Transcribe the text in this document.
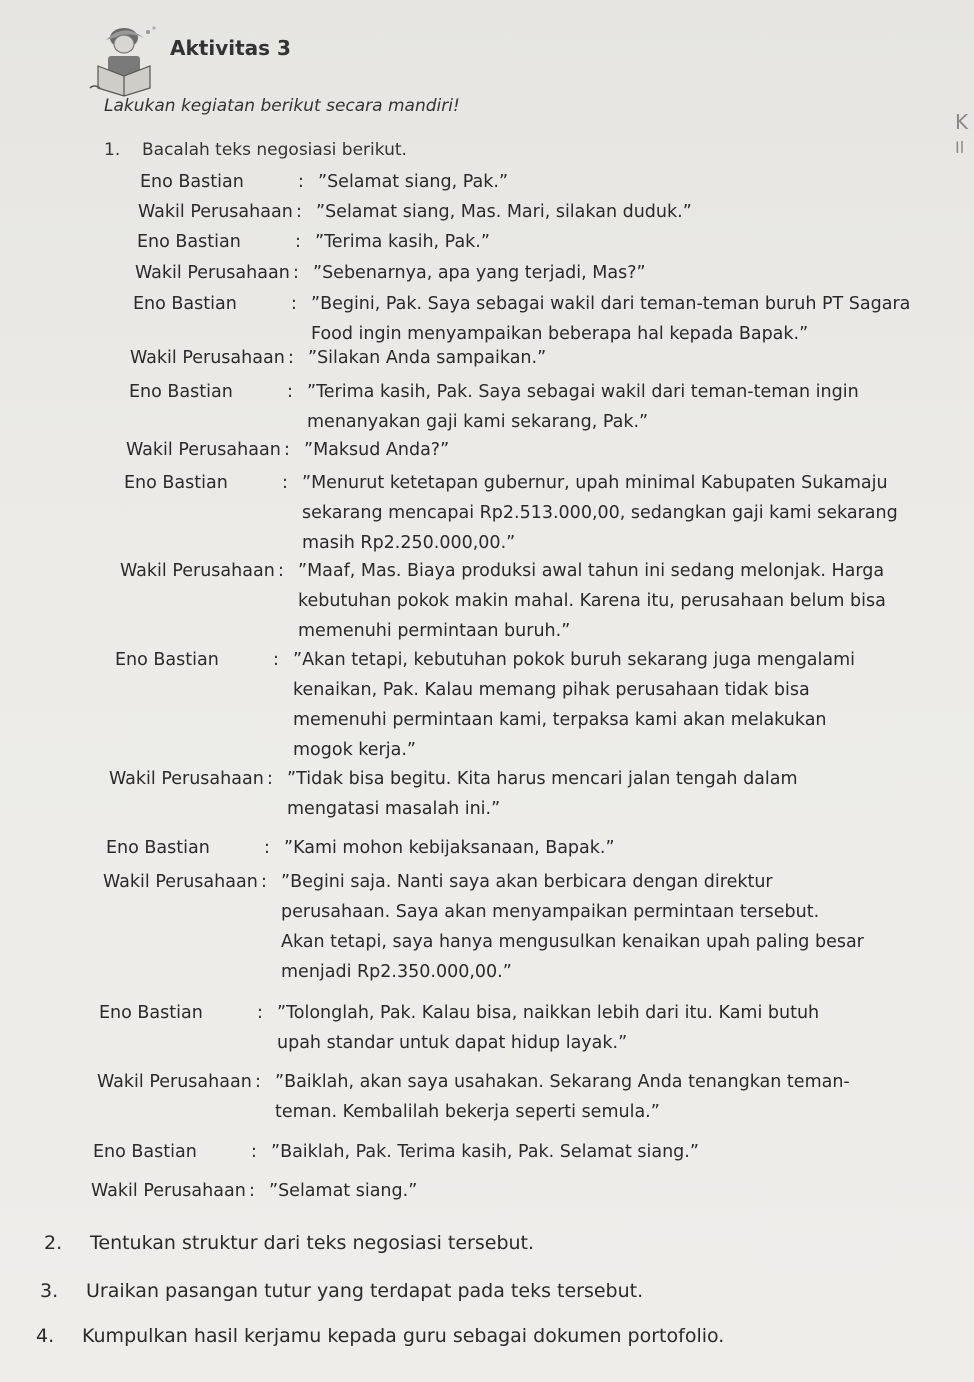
Aktivitas 3
Lakukan kegiatan berikut secara mandiri!
K
Il
1. Bacalah teks negosiasi berikut.
Eno Bastian	: ”Selamat siang, Pak.”
Wakil Perusahaan : ”Selamat siang, Mas. Mari, silakan duduk.”
Eno Bastian	: ”Terima kasih, Pak.”
Wakil Perusahaan : ”Sebenarnya, apa yang terjadi, Mas?”
Eno Bastian	: ”Begini, Pak. Saya sebagai wakil dari teman-teman buruh PT Sagara
Food ingin menyampaikan beberapa hal kepada Bapak.”
Wakil Perusahaan : ”Silakan Anda sampaikan.”
Eno Bastian	: ”Terima kasih, Pak. Saya sebagai wakil dari teman-teman ingin
menanyakan gaji kami sekarang, Pak.”
Wakil Perusahaan : ”Maksud Anda?”
Eno Bastian	: ”Menurut ketetapan gubernur, upah minimal Kabupaten Sukamaju
sekarang mencapai Rp2.513.000,00, sedangkan gaji kami sekarang
masih Rp2.250.000,00.”
Wakil Perusahaan : ”Maaf, Mas. Biaya produksi awal tahun ini sedang melonjak. Harga
kebutuhan pokok makin mahal. Karena itu, perusahaan belum bisa
memenuhi permintaan buruh.”
Eno Bastian	: ”Akan tetapi, kebutuhan pokok buruh sekarang juga mengalami
kenaikan, Pak. Kalau memang pihak perusahaan tidak bisa
memenuhi permintaan kami, terpaksa kami akan melakukan
mogok kerja.”
Wakil Perusahaan : ”Tidak bisa begitu. Kita harus mencari jalan tengah dalam
mengatasi masalah ini.”
Eno Bastian	: ”Kami mohon kebijaksanaan, Bapak.”
Wakil Perusahaan : ”Begini saja. Nanti saya akan berbicara dengan direktur
perusahaan. Saya akan menyampaikan permintaan tersebut.
Akan tetapi, saya hanya mengusulkan kenaikan upah paling besar
menjadi Rp2.350.000,00.”
Eno Bastian	: ”Tolonglah, Pak. Kalau bisa, naikkan lebih dari itu. Kami butuh
upah standar untuk dapat hidup layak.”
Wakil Perusahaan : ”Baiklah, akan saya usahakan. Sekarang Anda tenangkan teman-
teman. Kembalilah bekerja seperti semula.”
Eno Bastian	: ”Baiklah, Pak. Terima kasih, Pak. Selamat siang.”
Wakil Perusahaan : ”Selamat siang.”
2. Tentukan struktur dari teks negosiasi tersebut.
3. Uraikan pasangan tutur yang terdapat pada teks tersebut.
4. Kumpulkan hasil kerjamu kepada guru sebagai dokumen portofolio.
